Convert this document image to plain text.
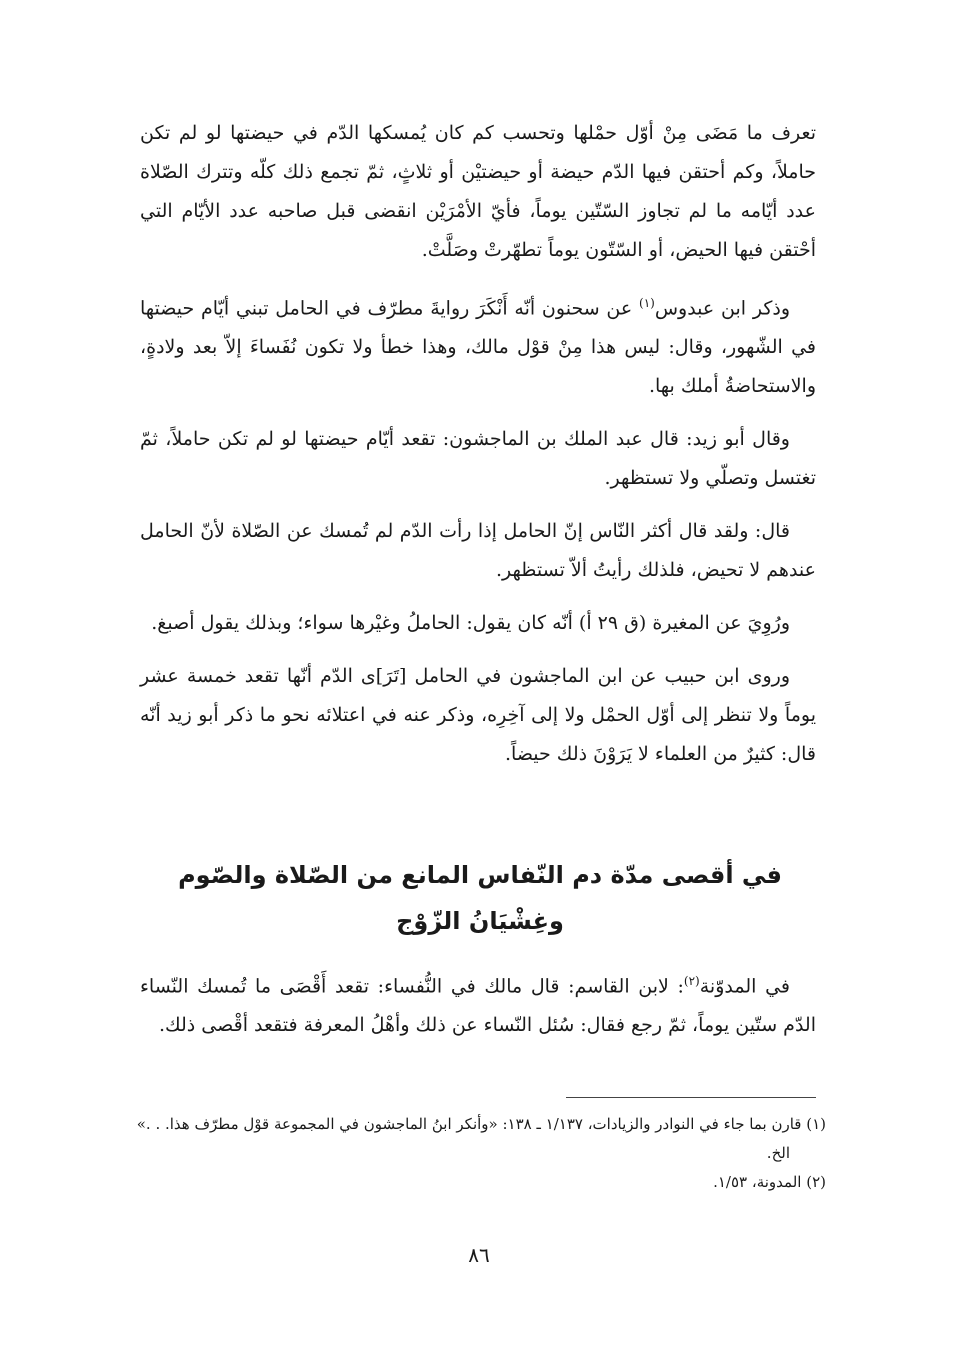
تعرف ما مَضَى مِنْ أوّل حمْلها وتحسب كم كان يُمسكها الدّم في حيضتها لو لم تكن حاملاً، وكم أحتقن فيها الدّم حيضة أو حيضتيْن أو ثلاثٍ، ثمّ تجمع ذلك كلّه وتترك الصّلاة عدد أيّامه ما لم تجاوز السّتّين يوماً، فأيّ الأمْرَيْن انقضى قبل صاحبه عدد الأيّام التي أحْتقن فيها الحيض، أو السّتّون يوماً تطهّرتْ وصَلَّتْ.

وذكر ابن عبدوس$^{(١)}$ عن سحنون أنّه أَنْكَرَ روايةَ مطرّف في الحامل تبني أيّام حيضتها في الشّهور، وقال: ليس هذا مِنْ قوْل مالك، وهذا خطأ ولا تكون نُفَساءَ إلاّ بعد ولادةٍ، والاستحاضةُ أملك بها.

وقال أبو زيد: قال عبد الملك بن الماجشون: تقعد أيّام حيضتها لو لم تكن حاملاً، ثمّ تغتسل وتصلّي ولا تستظهر.

قال: ولقد قال أكثر النّاس إنّ الحامل إذا رأت الدّم لم تُمسك عن الصّلاة لأنّ الحامل عندهم لا تحيض، فلذلك رأيتُ ألاّ تستظهر.

ورُوِيَ عن المغيرة (ق ٢٩ أ) أنّه كان يقول: الحاملُ وغيْرها سواء؛ وبذلك يقول أصبغ.

وروى ابن حبيب عن ابن الماجشون في الحامل [تَرَ]ى الدّم أنّها تقعد خمسة عشر يوماً ولا تنظر إلى أوّل الحمْل ولا إلى آخِرِه، وذكر عنه في اعتلائه نحو ما ذكر أبو زيد أنّه قال: كثيرٌ من العلماء لا يَرَوْنَ ذلك حيضاً.

في أقصى مدّة دم النّفاس المانع من الصّلاة والصّوم
وغِشْيَانُ الزّوْج

في المدوّنة$^{(٢)}$: لابن القاسم: قال مالك في النُّفساء: تقعد أَقْصَى ما تُمسك النّساء الدّم ستّين يوماً، ثمّ رجع فقال: سُئل النّساء عن ذلك وأهْلُ المعرفة فتقعد أقْصى ذلك.

(١) قارن بما جاء في النوادر والزيادات، ١/١٣٧ ـ ١٣٨: «وأنكر ابنُ الماجشون في المجموعة قوْل مطرّف هذا. . .» الخ.

(٢) المدونة، ١/٥٣.

٨٦
